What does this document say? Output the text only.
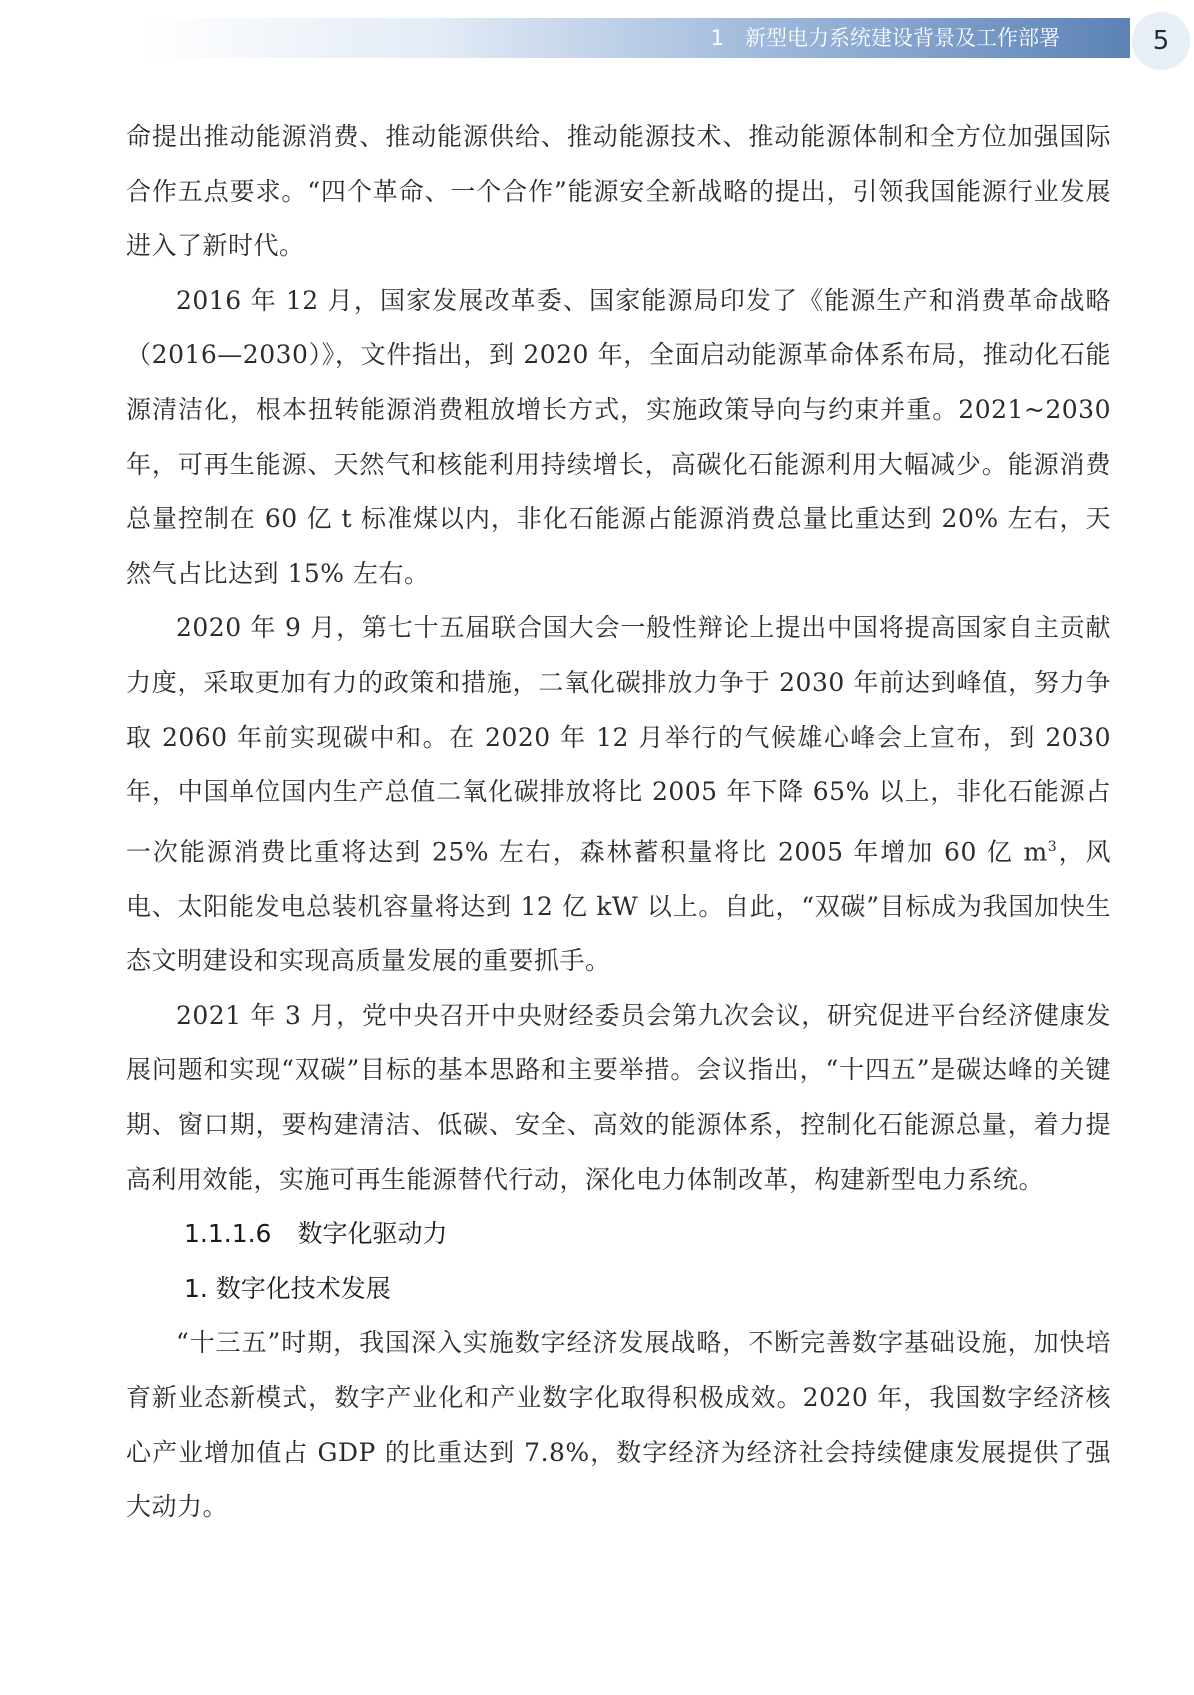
1　新型电力系统建设背景及工作部署	5

命提出推动能源消费、推动能源供给、推动能源技术、推动能源体制和全方位加强国际合作五点要求。“四个革命、一个合作”能源安全新战略的提出，引领我国能源行业发展进入了新时代。

2016 年 12 月，国家发展改革委、国家能源局印发了《能源生产和消费革命战略（2016—2030）》，文件指出，到 2020 年，全面启动能源革命体系布局，推动化石能源清洁化，根本扭转能源消费粗放增长方式，实施政策导向与约束并重。2021~2030 年，可再生能源、天然气和核能利用持续增长，高碳化石能源利用大幅减少。能源消费总量控制在 60 亿 t 标准煤以内，非化石能源占能源消费总量比重达到 20% 左右，天然气占比达到 15% 左右。

2020 年 9 月，第七十五届联合国大会一般性辩论上提出中国将提高国家自主贡献力度，采取更加有力的政策和措施，二氧化碳排放力争于 2030 年前达到峰值，努力争取 2060 年前实现碳中和。在 2020 年 12 月举行的气候雄心峰会上宣布，到 2030 年，中国单位国内生产总值二氧化碳排放将比 2005 年下降 65% 以上，非化石能源占一次能源消费比重将达到 25% 左右，森林蓄积量将比 2005 年增加 60 亿 $m^3$，风电、太阳能发电总装机容量将达到 12 亿 kW 以上。自此，“双碳”目标成为我国加快生态文明建设和实现高质量发展的重要抓手。

2021 年 3 月，党中央召开中央财经委员会第九次会议，研究促进平台经济健康发展问题和实现“双碳”目标的基本思路和主要举措。会议指出，“十四五”是碳达峰的关键期、窗口期，要构建清洁、低碳、安全、高效的能源体系，控制化石能源总量，着力提高利用效能，实施可再生能源替代行动，深化电力体制改革，构建新型电力系统。

1.1.1.6 数字化驱动力
1. 数字化技术发展

“十三五”时期，我国深入实施数字经济发展战略，不断完善数字基础设施，加快培育新业态新模式，数字产业化和产业数字化取得积极成效。2020 年，我国数字经济核心产业增加值占 GDP 的比重达到 7.8%，数字经济为经济社会持续健康发展提供了强大动力。
